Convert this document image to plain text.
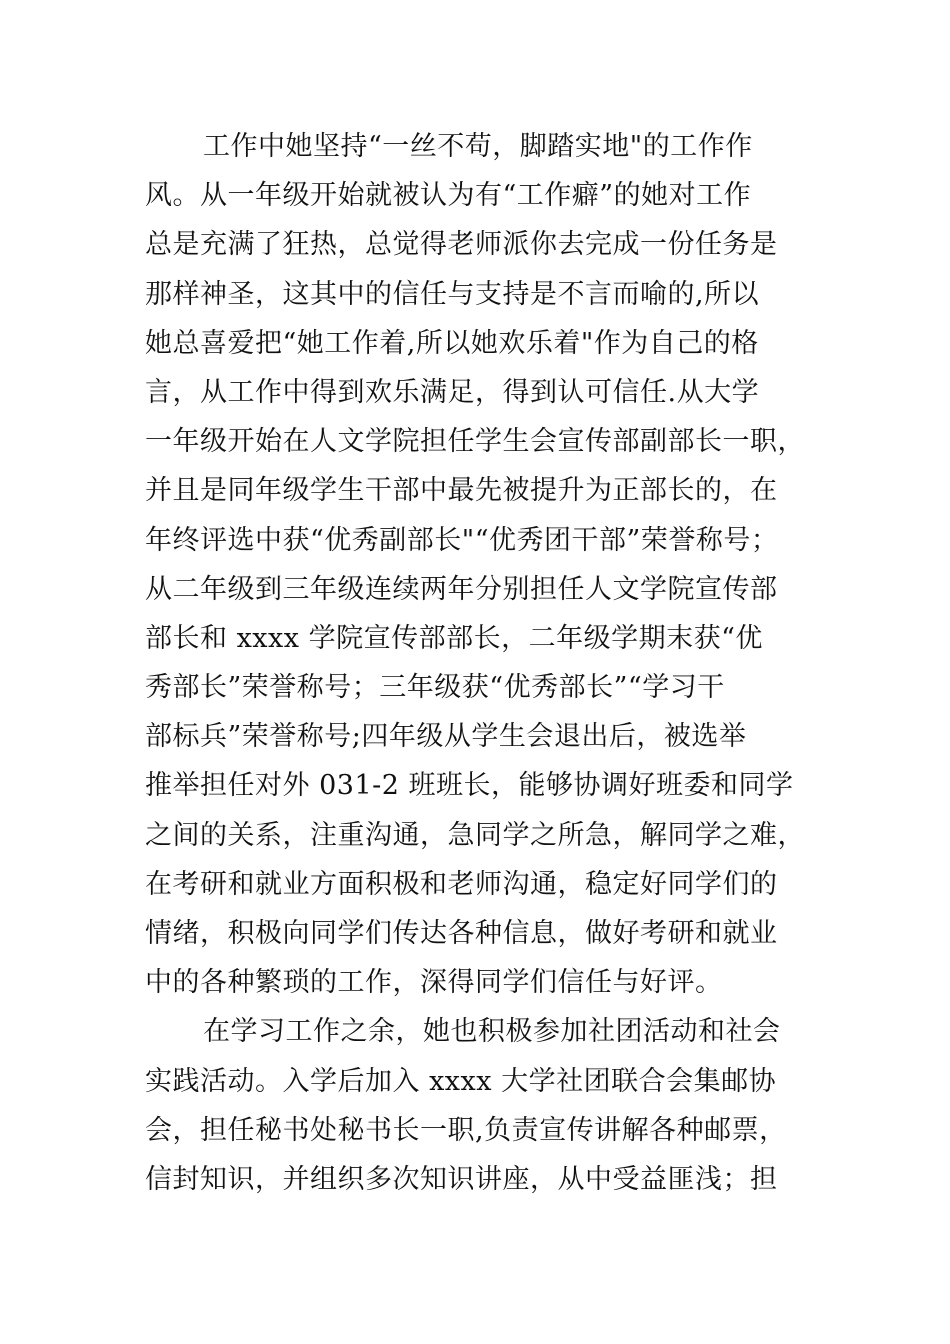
工作中她坚持“一丝不苟，脚踏实地"的工作作
风。从一年级开始就被认为有“工作癖”的她对工作
总是充满了狂热，总觉得老师派你去完成一份任务是
那样神圣，这其中的信任与支持是不言而喻的,所以
她总喜爱把“她工作着,所以她欢乐着"作为自己的格
言，从工作中得到欢乐满足，得到认可信任.从大学
一年级开始在人文学院担任学生会宣传部副部长一职，
并且是同年级学生干部中最先被提升为正部长的，在
年终评选中获“优秀副部长"“优秀团干部”荣誉称号；
从二年级到三年级连续两年分别担任人文学院宣传部
部长和 xxxx 学院宣传部部长，二年级学期末获“优
秀部长”荣誉称号；三年级获“优秀部长”“学习干
部标兵”荣誉称号;四年级从学生会退出后，被选举
推举担任对外 031-2 班班长，能够协调好班委和同学
之间的关系，注重沟通，急同学之所急，解同学之难，
在考研和就业方面积极和老师沟通，稳定好同学们的
情绪，积极向同学们传达各种信息，做好考研和就业
中的各种繁琐的工作，深得同学们信任与好评。
在学习工作之余，她也积极参加社团活动和社会
实践活动。入学后加入 xxxx 大学社团联合会集邮协
会，担任秘书处秘书长一职,负责宣传讲解各种邮票，
信封知识，并组织多次知识讲座，从中受益匪浅；担
